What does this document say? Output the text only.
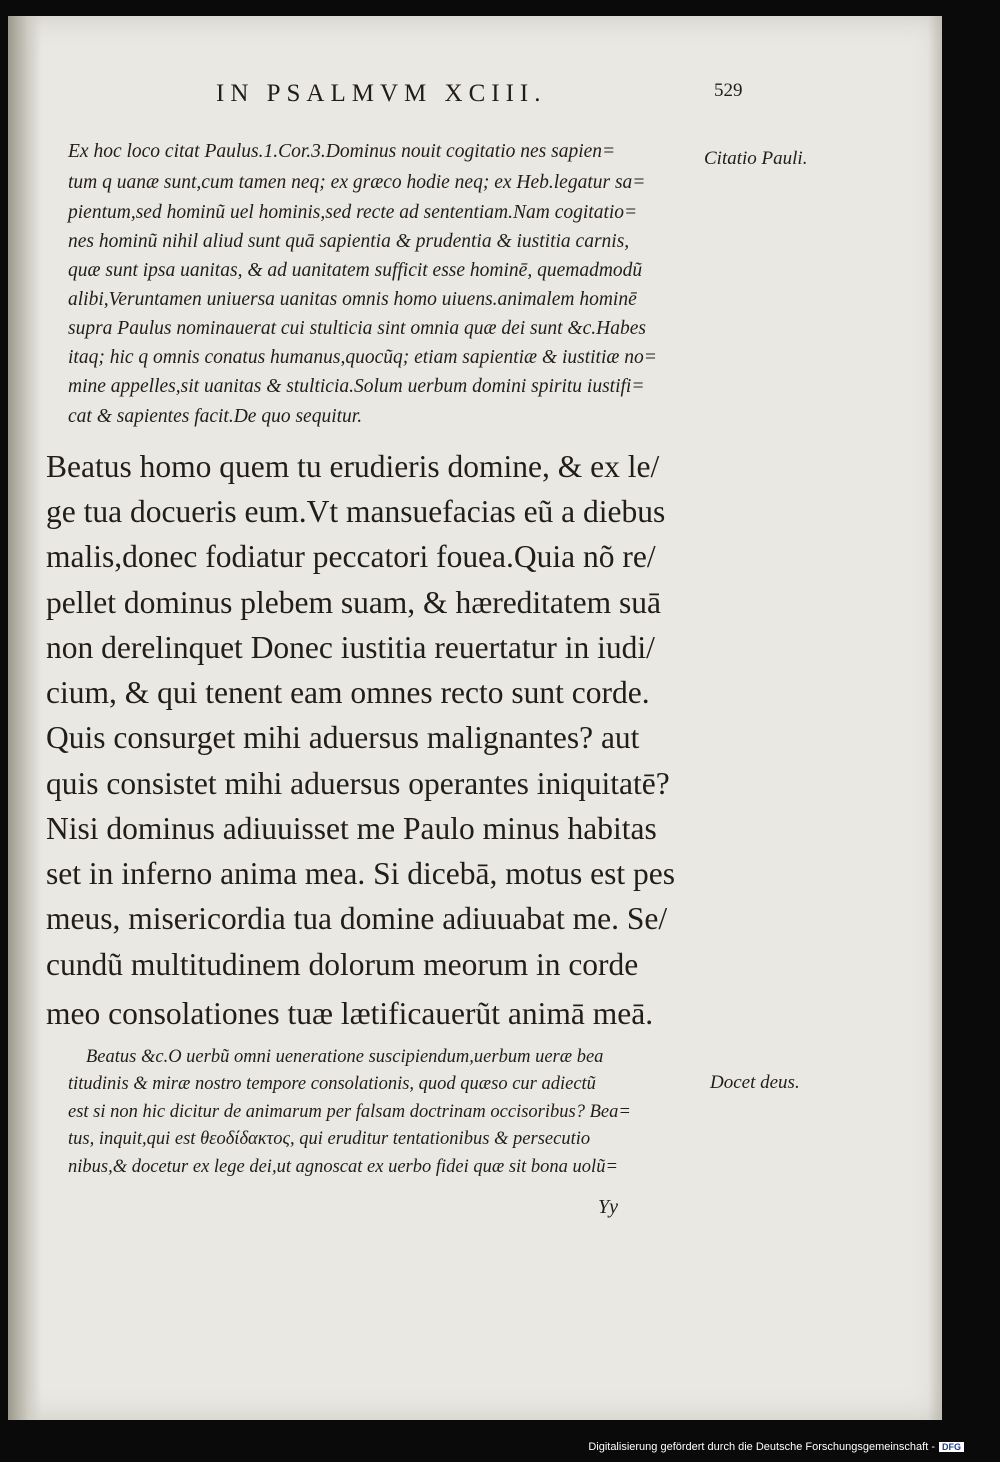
IN PSALMVM XCIII.	529
Ex hoc loco citat Paulus.1.Cor.3.Dominus nouit cogitatio nes sapien=
tum q uanæ sunt,cum tamen neq; ex græco hodie neq; ex Heb.legatur sa=
pientum,sed hominũ uel hominis,sed recte ad sententiam.Nam cogitatio=
nes hominũ nihil aliud sunt quā sapientia & prudentia & iustitia carnis,
quæ sunt ipsa uanitas, & ad uanitatem sufficit esse hominē, quemadmodũ
alibi,Veruntamen uniuersa uanitas omnis homo uiuens.animalem hominē
supra Paulus nominauerat cui stulticia sint omnia quæ dei sunt &c.Habes
itaq; hic q omnis conatus humanus,quocũq; etiam sapientiæ & iustitiæ no=
mine appelles,sit uanitas & stulticia.Solum uerbum domini spiritu iustifi=
cat & sapientes facit.De quo sequitur.
Beatus homo quem tu erudieris domine, & ex le/
ge tua docueris eum.Vt mansuefacias eũ a diebus
malis,donec fodiatur peccatori fouea.Quia nõ re/
pellet dominus plebem suam, & hæreditatem suā
non derelinquet Donec iustitia reuertatur in iudi/
cium, & qui tenent eam omnes recto sunt corde.
Quis consurget mihi aduersus malignantes? aut
quis consistet mihi aduersus operantes iniquitatē?
Nisi dominus adiuuisset me Paulo minus habitas
set in inferno anima mea. Si dicebā, motus est pes
meus, misericordia tua domine adiuuabat me. Se/
cundũ multitudinem dolorum meorum in corde
meo consolationes tuæ lætificauerũt animā meā.
Beatus &c.O uerbũ omni ueneratione suscipiendum,uerbum ueræ bea
titudinis & miræ nostro tempore consolationis, quod quæso cur adiectũ
est si non hic dicitur de animarum per falsam doctrinam occisoribus? Bea=
tus, inquit,qui est θεοδίδακτος, qui eruditur tentationibus & persecutio
nibus,& docetur ex lege dei,ut agnoscat ex uerbo fidei quæ sit bona uolũ=
Citatio Pauli.
Docet deus.
Yy
Digitalisierung gefördert durch die Deutsche Forschungsgemeinschaft - DFG
